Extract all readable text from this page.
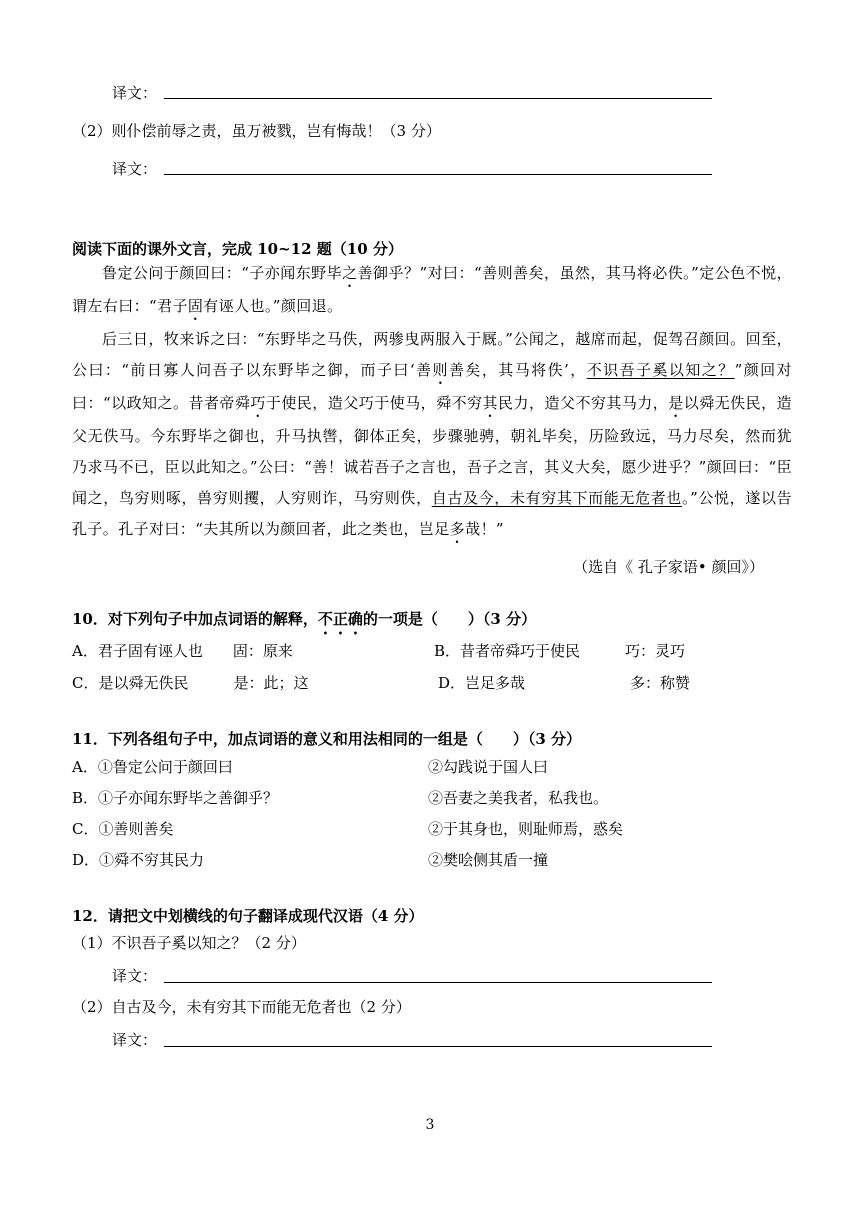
译文：
（2）则仆偿前辱之责，虽万被戮，岂有悔哉！（3 分）
译文：
阅读下面的课外文言，完成 10~12 题（10 分）

鲁定公问于颜回曰：“子亦闻东野毕之善御乎？”对曰：“善则善矣，虽然，其马将必佚。”定公色不悦，谓左右曰：“君子固有诬人也。”颜回退。

后三日，牧来诉之曰：“东野毕之马佚，两骖曳两服入于厩。”公闻之，越席而起，促驾召颜回。回至，公曰：“前日寡人问吾子以东野毕之御，而子曰‘善则善矣，其马将佚’，不识吾子奚以知之？”颜回对曰：“以政知之。昔者帝舜巧于使民，造父巧于使马，舜不穷其民力，造父不穷其马力，是以舜无佚民，造父无佚马。今东野毕之御也，升马执辔，御体正矣，步骤驰骋，朝礼毕矣，历险致远，马力尽矣，然而犹乃求马不已，臣以此知之。”公曰：“善！诚若吾子之言也，吾子之言，其义大矣，愿少进乎？”颜回曰：“臣闻之，鸟穷则啄，兽穷则攫，人穷则诈，马穷则佚，自古及今，未有穷其下而能无危者也。”公悦，遂以告孔子。孔子对曰：“夫其所以为颜回者，此之类也，岂足多哉！”

（选自《 孔子家语• 颜回》）
10．对下列句子中加点词语的解释，不正确的一项是（　　）（3 分）
A．君子固有诬人也　　固：原来	B．昔者帝舜巧于使民　　　巧：灵巧
C．是以舜无佚民　　　是：此；这	D．岂足多哉　　　　　　　多：称赞
11．下列各组句子中，加点词语的意义和用法相同的一组是（　　）（3 分）
A．①鲁定公问于颜回曰	②勾践说于国人曰
B．①子亦闻东野毕之善御乎？	②吾妻之美我者，私我也。
C．①善则善矣	②于其身也，则耻师焉，惑矣
D．①舜不穷其民力	②樊哙侧其盾一撞
12．请把文中划横线的句子翻译成现代汉语（4 分）
（1）不识吾子奚以知之？（2 分）
译文：
（2）自古及今，未有穷其下而能无危者也（2 分）
译文：
3
